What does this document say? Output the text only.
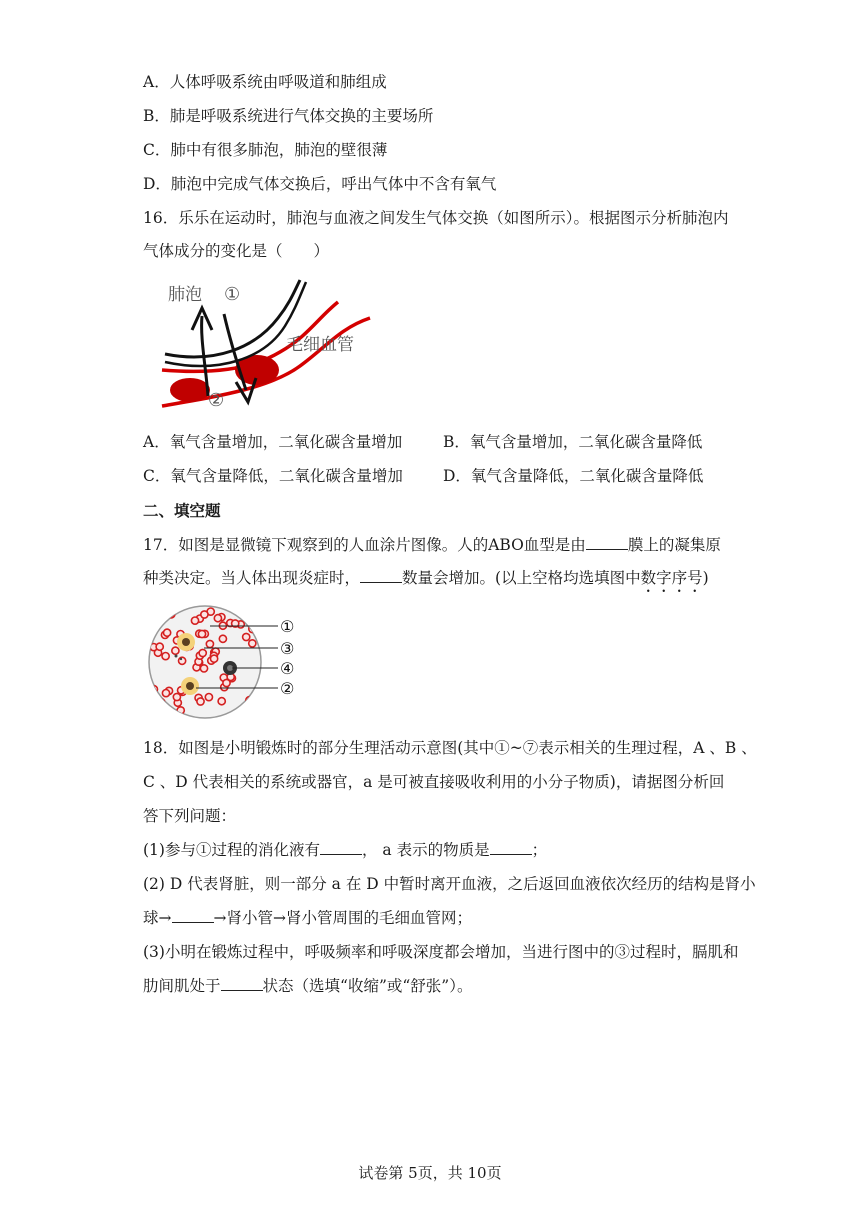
A．人体呼吸系统由呼吸道和肺组成
B．肺是呼吸系统进行气体交换的主要场所
C．肺中有很多肺泡，肺泡的壁很薄
D．肺泡中完成气体交换后，呼出气体中不含有氧气
16．乐乐在运动时，肺泡与血液之间发生气体交换（如图所示）。根据图示分析肺泡内
气体成分的变化是（　　）
肺泡 ①
②
毛细血管
A．氧气含量增加，二氧化碳含量增加	B．氧气含量增加，二氧化碳含量降低
C．氧气含量降低，二氧化碳含量增加	D．氧气含量降低，二氧化碳含量降低
二、填空题
17．如图是显微镜下观察到的人血涂片图像。人的ABO血型是由	膜上的凝集原
种类决定。当人体出现炎症时，	数量会增加。(以上空格均选填图中数字序号)
①
③
④
②
18．如图是小明锻炼时的部分生理活动示意图(其中①~⑦表示相关的生理过程，A 、B 、
C 、D 代表相关的系统或器官，a 是可被直接吸收利用的小分子物质)，请据图分析回
答下列问题：
(1)参与①过程的消化液有	， a 表示的物质是	；
(2) D 代表肾脏，则一部分 a 在 D 中暂时离开血液，之后返回血液依次经历的结构是肾小
球→	→肾小管→肾小管周围的毛细血管网；
(3)小明在锻炼过程中，呼吸频率和呼吸深度都会增加，当进行图中的③过程时，膈肌和
肋间肌处于	状态（选填“收缩”或“舒张”）。
试卷第 5页，共 10页
